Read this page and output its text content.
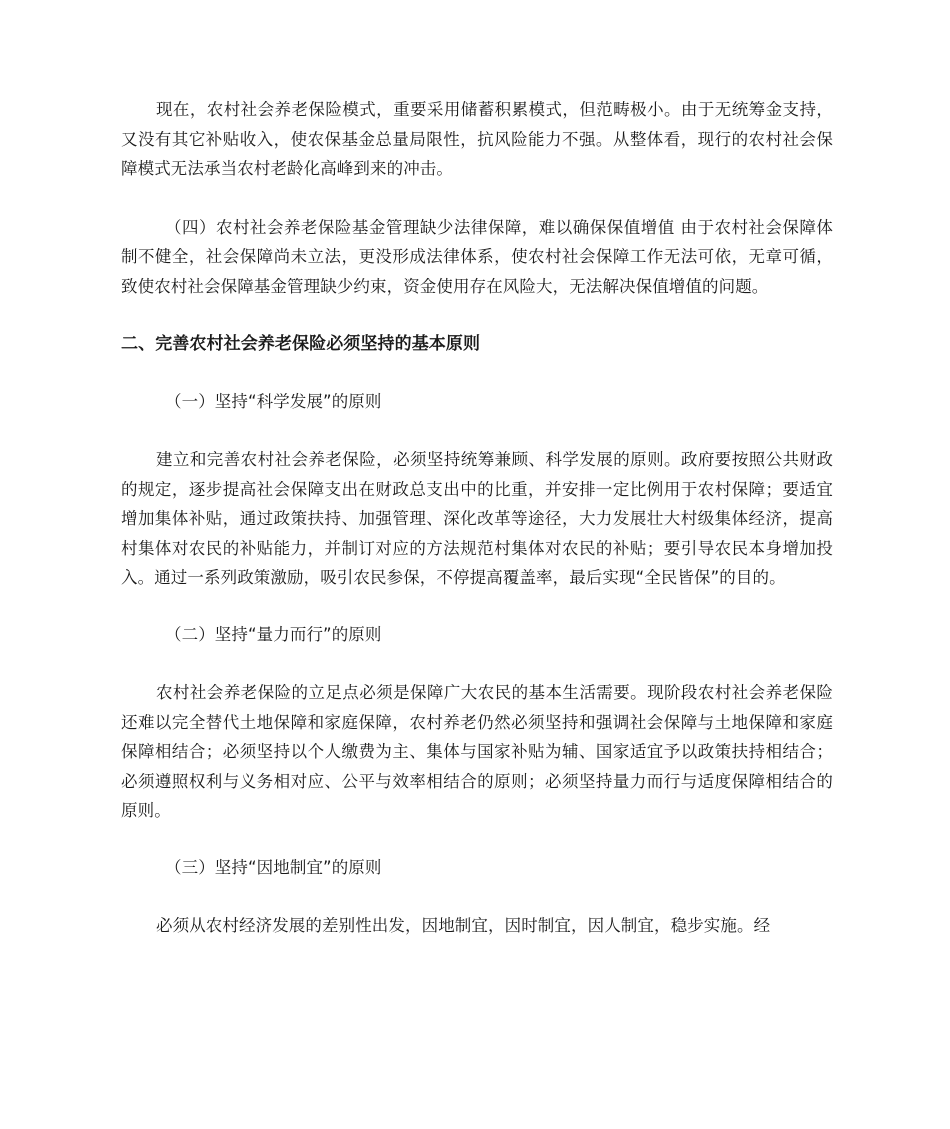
现在，农村社会养老保险模式，重要采用储蓄积累模式，但范畴极小。由于无统筹金支持，又没有其它补贴收入，使农保基金总量局限性，抗风险能力不强。从整体看，现行的农村社会保障模式无法承当农村老龄化高峰到来的冲击。

（四）农村社会养老保险基金管理缺少法律保障，难以确保保值增值 由于农村社会保障体制不健全，社会保障尚未立法，更没形成法律体系，使农村社会保障工作无法可依，无章可循，致使农村社会保障基金管理缺少约束，资金使用存在风险大，无法解决保值增值的问题。

二、完善农村社会养老保险必须坚持的基本原则

（一）坚持“科学发展”的原则

建立和完善农村社会养老保险，必须坚持统筹兼顾、科学发展的原则。政府要按照公共财政的规定，逐步提高社会保障支出在财政总支出中的比重，并安排一定比例用于农村保障；要适宜增加集体补贴，通过政策扶持、加强管理、深化改革等途径，大力发展壮大村级集体经济，提高村集体对农民的补贴能力，并制订对应的方法规范村集体对农民的补贴；要引导农民本身增加投入。通过一系列政策激励，吸引农民参保，不停提高覆盖率，最后实现“全民皆保”的目的。

（二）坚持“量力而行”的原则

农村社会养老保险的立足点必须是保障广大农民的基本生活需要。现阶段农村社会养老保险还难以完全替代土地保障和家庭保障，农村养老仍然必须坚持和强调社会保障与土地保障和家庭保障相结合；必须坚持以个人缴费为主、集体与国家补贴为辅、国家适宜予以政策扶持相结合；必须遵照权利与义务相对应、公平与效率相结合的原则；必须坚持量力而行与适度保障相结合的原则。

（三）坚持“因地制宜”的原则

必须从农村经济发展的差别性出发，因地制宜，因时制宜，因人制宜，稳步实施。经
